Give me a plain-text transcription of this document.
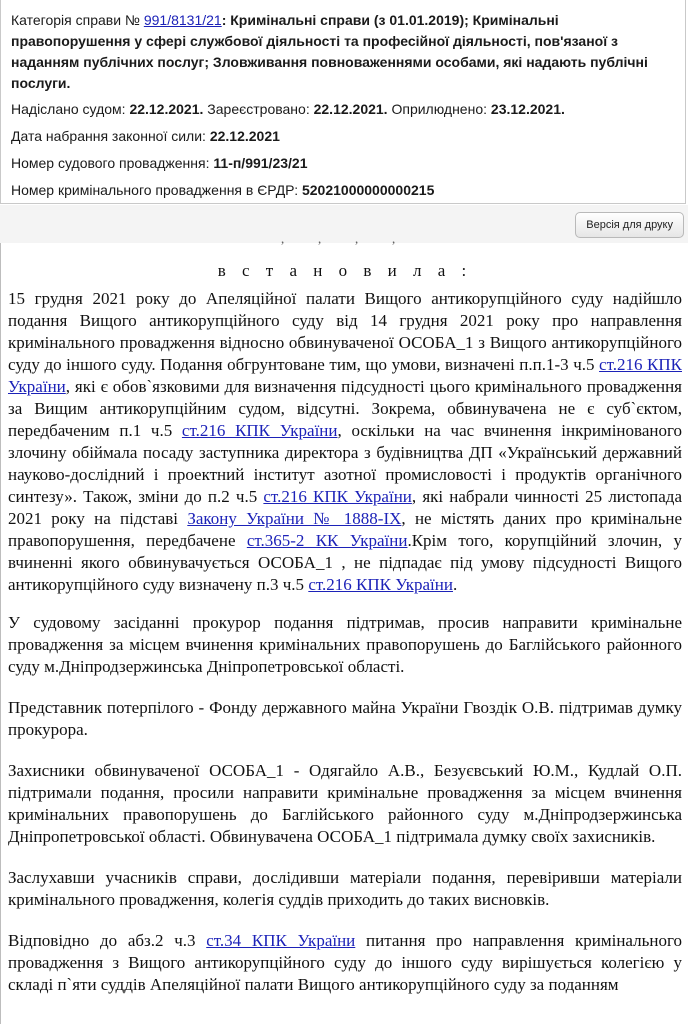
Категорія справи № 991/8131/21: Кримінальні справи (з 01.01.2019); Кримінальні правопорушення у сфері службової діяльності та професійної діяльності, пов'язаної з наданням публічних послуг; Зловживання повноваженнями особами, які надають публічні послуги.

Надіслано судом: 22.12.2021. Зареєстровано: 22.12.2021. Оприлюднено: 23.12.2021.

Дата набрання законної сили: 22.12.2021

Номер судового провадження: 11-п/991/23/21

Номер кримінального провадження в ЄРДР: 52021000000000215

Версія для друку
,   ,   ,   ,
в с т а н о в и л а :

15 грудня 2021 року до Апеляційної палати Вищого антикорупційного суду надійшло подання Вищого антикорупційного суду від 14 грудня 2021 року про направлення кримінального провадження відносно обвинуваченої ОСОБА_1 з Вищого антикорупційного суду до іншого суду. Подання обгрунтоване тим, що умови, визначені п.п.1-3 ч.5 ст.216 КПК України, які є обов`язковими для визначення підсудності цього кримінального провадження за Вищим антикорупційним судом, відсутні. Зокрема, обвинувачена не є суб`єктом, передбаченим п.1 ч.5 ст.216 КПК України, оскільки на час вчинення інкримінованого злочину обіймала посаду заступника директора з будівництва ДП «Український державний науково-дослідний і проектний інститут азотної промисловості і продуктів органічного синтезу». Також, зміни до п.2 ч.5 ст.216 КПК України, які набрали чинності 25 листопада 2021 року на підставі Закону України № 1888-IX, не містять даних про кримінальне правопорушення, передбачене ст.365-2 КК України.Крім того, корупційний злочин, у вчиненні якого обвинувачується ОСОБА_1 , не підпадає під умову підсудності Вищого антикорупційного суду визначену п.3 ч.5 ст.216 КПК України.

У судовому засіданні прокурор подання підтримав, просив направити кримінальне провадження за місцем вчинення кримінальних правопорушень до Баглійського районного суду м.Дніпродзержинська Дніпропетровської області.

Представник потерпілого - Фонду державного майна України Гвоздік О.В. підтримав думку прокурора.

Захисники обвинуваченої ОСОБА_1 - Одягайло А.В., Безуєвський Ю.М., Кудлай О.П. підтримали подання, просили направити кримінальне провадження за місцем вчинення кримінальних правопорушень до Баглійського районного суду м.Дніпродзержинська Дніпропетровської області. Обвинувачена ОСОБА_1 підтримала думку своїх захисників.

Заслухавши учасників справи, дослідивши матеріали подання, перевіривши матеріали кримінального провадження, колегія суддів приходить до таких висновків.

Відповідно до абз.2 ч.3 ст.34 КПК України питання про направлення кримінального провадження з Вищого антикорупційного суду до іншого суду вирішується колегією у складі п`яти суддів Апеляційної палати Вищого антикорупційного суду за поданням
